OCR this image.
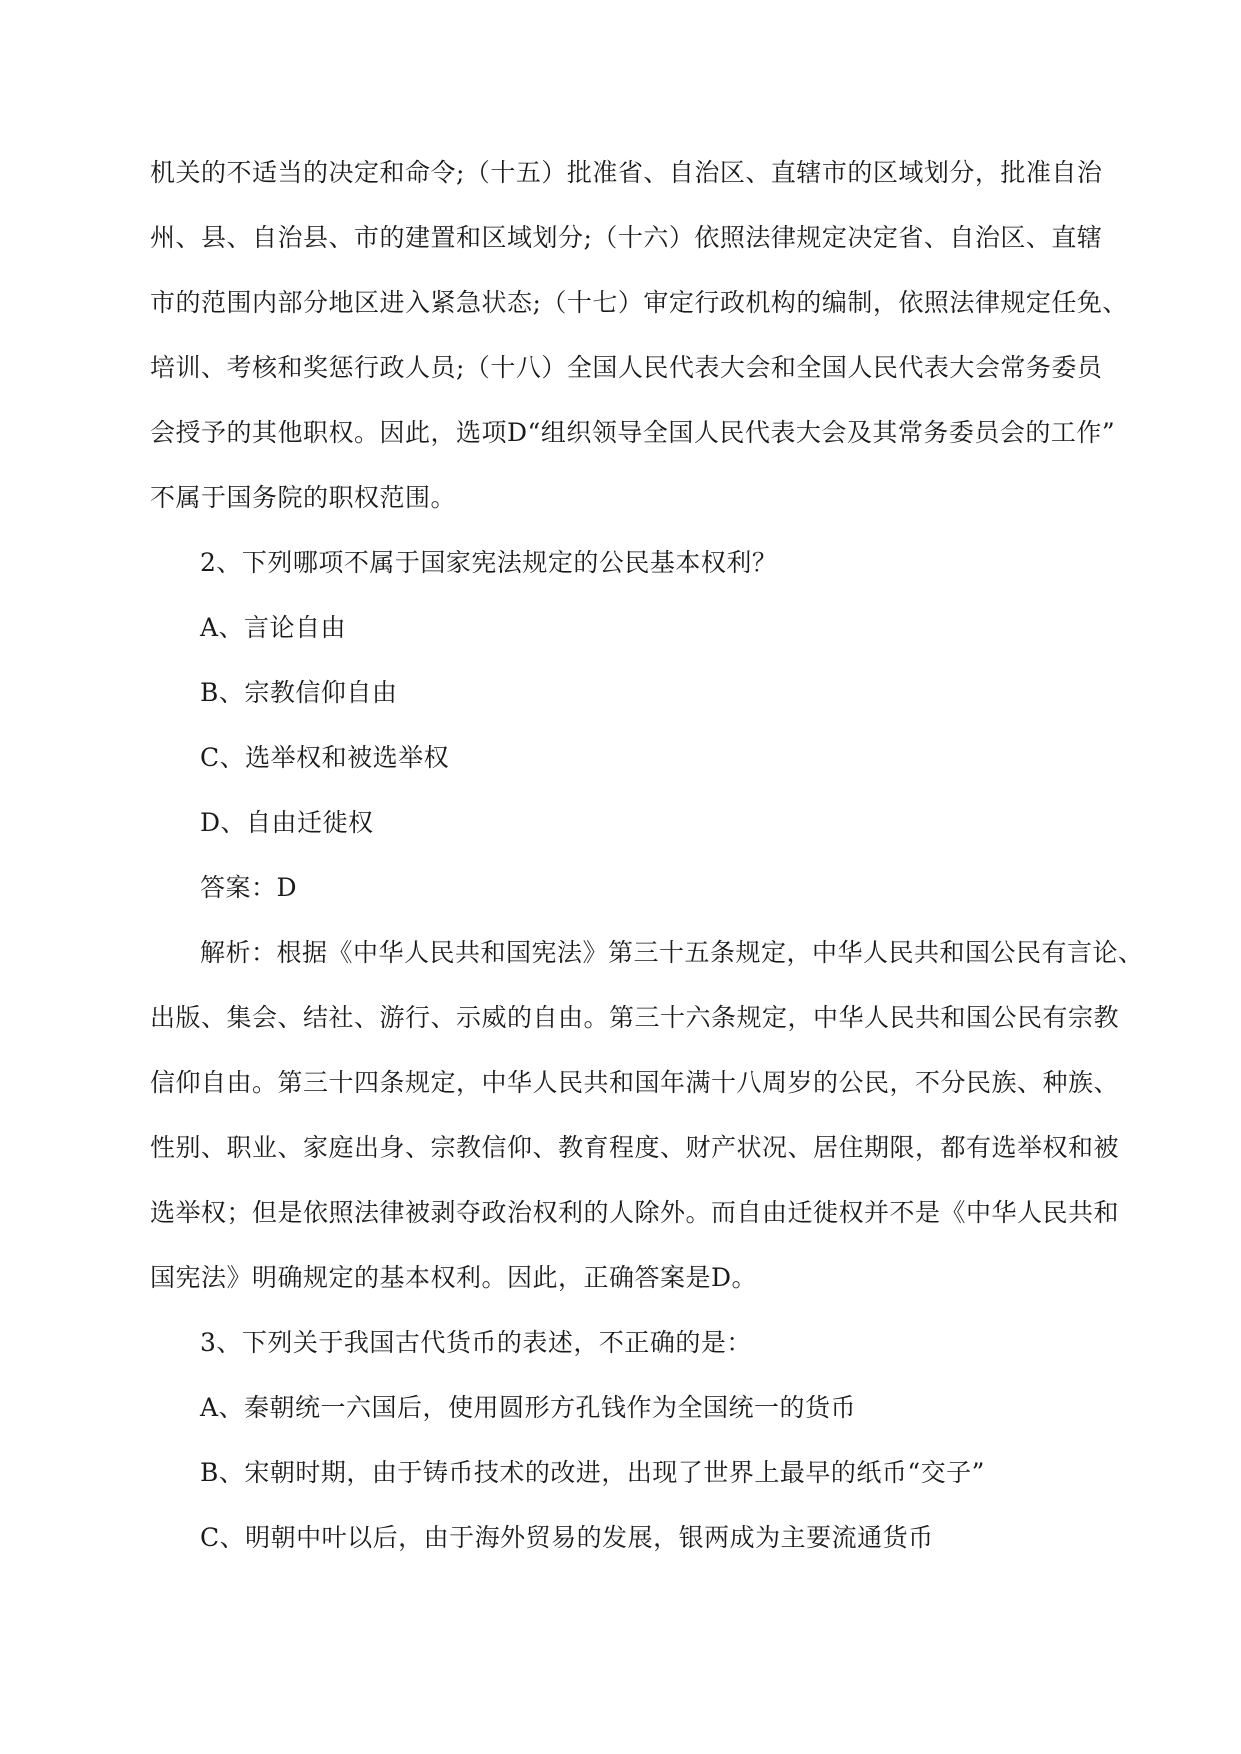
机关的不适当的决定和命令;（十五）批准省、自治区、直辖市的区域划分，批准自治

州、县、自治县、市的建置和区域划分;（十六）依照法律规定决定省、自治区、直辖

市的范围内部分地区进入紧急状态;（十七）审定行政机构的编制，依照法律规定任免、

培训、考核和奖惩行政人员;（十八）全国人民代表大会和全国人民代表大会常务委员

会授予的其他职权。因此，选项D“组织领导全国人民代表大会及其常务委员会的工作”

不属于国务院的职权范围。

2、下列哪项不属于国家宪法规定的公民基本权利？

A、言论自由

B、宗教信仰自由

C、选举权和被选举权

D、自由迁徙权

答案：D

解析：根据《中华人民共和国宪法》第三十五条规定，中华人民共和国公民有言论、

出版、集会、结社、游行、示威的自由。第三十六条规定，中华人民共和国公民有宗教

信仰自由。第三十四条规定，中华人民共和国年满十八周岁的公民，不分民族、种族、

性别、职业、家庭出身、宗教信仰、教育程度、财产状况、居住期限，都有选举权和被

选举权；但是依照法律被剥夺政治权利的人除外。而自由迁徙权并不是《中华人民共和

国宪法》明确规定的基本权利。因此，正确答案是D。

3、下列关于我国古代货币的表述，不正确的是：

A、秦朝统一六国后，使用圆形方孔钱作为全国统一的货币

B、宋朝时期，由于铸币技术的改进，出现了世界上最早的纸币“交子”

C、明朝中叶以后，由于海外贸易的发展，银两成为主要流通货币
